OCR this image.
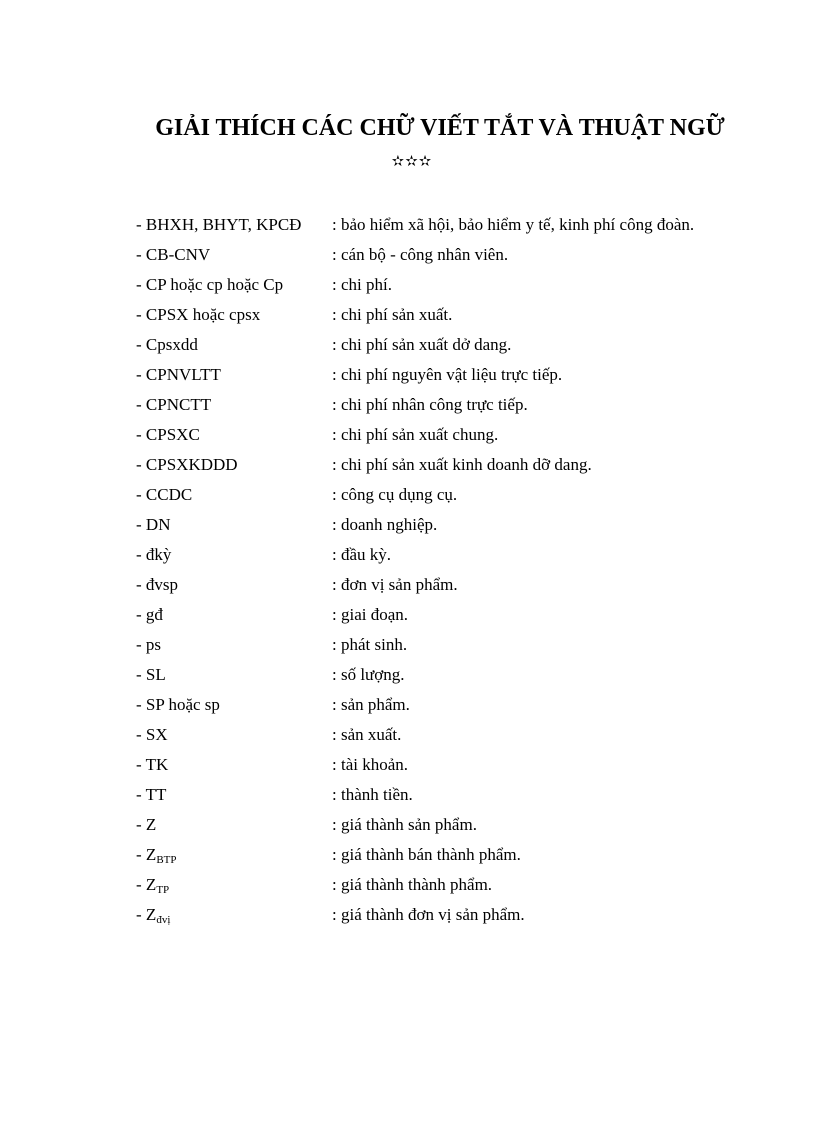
GIẢI THÍCH CÁC CHỮ VIẾT TẮT VÀ THUẬT NGỮ
✫✫✫
- BHXH, BHYT, KPCĐ	: bảo hiểm xã hội, bảo hiểm y tế, kinh phí công đoàn.
- CB-CNV	: cán bộ - công nhân viên.
- CP hoặc cp hoặc Cp	: chi phí.
- CPSX hoặc cpsx	: chi phí sản xuất.
- Cpsxdd	: chi phí sản xuất dở dang.
- CPNVLTT	: chi phí nguyên vật liệu trực tiếp.
- CPNCTT	: chi phí nhân công trực tiếp.
- CPSXC	: chi phí sản xuất chung.
- CPSXKDDD	: chi phí sản xuất kinh doanh dỡ dang.
- CCDC	: công cụ dụng cụ.
- DN	: doanh nghiệp.
- đkỳ	: đầu kỳ.
- đvsp	: đơn vị sản phẩm.
- gđ	: giai đoạn.
- ps	: phát sinh.
- SL	: số lượng.
- SP hoặc sp	: sản phẩm.
- SX	: sản xuất.
- TK	: tài khoản.
- TT	: thành tiền.
- Z	: giá thành sản phẩm.
- $Z_{BTP}$	: giá thành bán thành phẩm.
- $Z_{TP}$	: giá thành thành phẩm.
- $Z_{đvị}$	: giá thành đơn vị sản phẩm.
